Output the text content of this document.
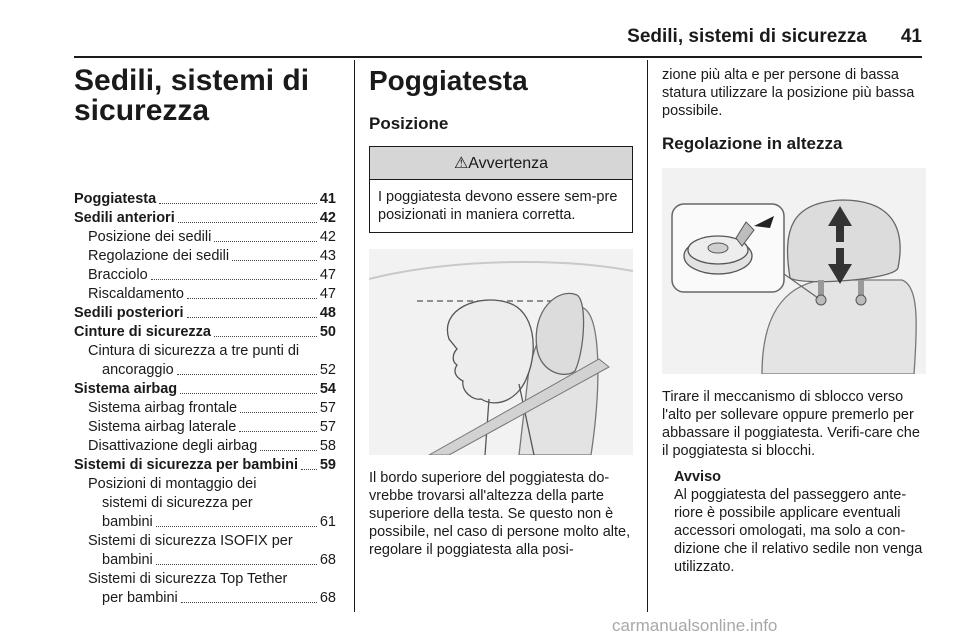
Sedili, sistemi di sicurezza 41
Sedili, sistemi di sicurezza
Poggiatesta	41
Sedili anteriori	42
Posizione dei sedili	42
Regolazione dei sedili	43
Bracciolo	47
Riscaldamento	47
Sedili posteriori	48
Cinture di sicurezza	50
Cintura di sicurezza a tre punti di
ancoraggio	52
Sistema airbag	54
Sistema airbag frontale	57
Sistema airbag laterale	57
Disattivazione degli airbag	58
Sistemi di sicurezza per bambini 59
Posizioni di montaggio dei
sistemi di sicurezza per
bambini	61
Sistemi di sicurezza ISOFIX per
bambini	68
Sistemi di sicurezza Top Tether
per bambini	68
Poggiatesta
Posizione
⚠Avvertenza
I poggiatesta devono essere sem-pre posizionati in maniera corretta.
Il bordo superiore del poggiatesta do-vrebbe trovarsi all'altezza della parte superiore della testa. Se questo non è possibile, nel caso di persone molto alte, regolare il poggiatesta alla posi-
zione più alta e per persone di bassa statura utilizzare la posizione più bassa possibile.
Regolazione in altezza
Tirare il meccanismo di sblocco verso l'alto per sollevare oppure premerlo per abbassare il poggiatesta. Verifi-care che il poggiatesta si blocchi.
Avviso
Al poggiatesta del passeggero ante-riore è possibile applicare eventuali accessori omologati, ma solo a con-dizione che il relativo sedile non venga utilizzato.
carmanualsonline.info
